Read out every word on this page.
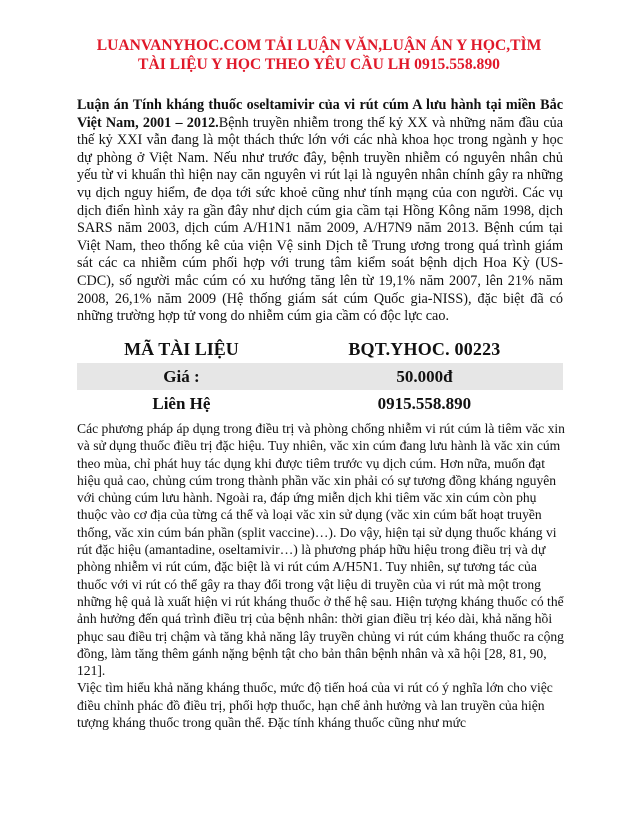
LUANVANYHOC.COM TẢI LUẬN VĂN,LUẬN ÁN Y HỌC,TÌM
TÀI LIỆU Y HỌC THEO YÊU CẦU LH 0915.558.890
Luận án Tính kháng thuốc oseltamivir của vi rút cúm A lưu hành tại miền Bắc Việt Nam, 2001 – 2012.Bệnh truyền nhiễm trong thế kỷ XX và những năm đầu của thế kỷ XXI vẫn đang là một thách thức lớn với các nhà khoa học trong ngành y học dự phòng ở Việt Nam. Nếu như trước đây, bệnh truyền nhiễm có nguyên nhân chủ yếu từ vi khuẩn thì hiện nay căn nguyên vi rút lại là nguyên nhân chính gây ra những vụ dịch nguy hiểm, đe dọa tới sức khoẻ cũng như tính mạng của con người. Các vụ dịch điển hình xảy ra gần đây như dịch cúm gia cầm tại Hồng Kông năm 1998, dịch SARS năm 2003, dịch cúm A/H1N1 năm 2009, A/H7N9 năm 2013. Bệnh cúm tại Việt Nam, theo thống kê của viện Vệ sinh Dịch tễ Trung ương trong quá trình giám sát các ca nhiễm cúm phối hợp với trung tâm kiểm soát bệnh dịch Hoa Kỳ (US-CDC), số người mắc cúm có xu hướng tăng lên từ 19,1% năm 2007, lên 21% năm 2008, 26,1% năm 2009 (Hệ thống giám sát cúm Quốc gia-NISS), đặc biệt đã có những trường hợp tử vong do nhiễm cúm gia cầm có độc lực cao.
MÃ TÀI LIỆU	BQT.YHOC. 00223
Giá :	50.000đ
Liên Hệ	0915.558.890

Các phương pháp áp dụng trong điều trị và phòng chống nhiễm vi rút cúm là tiêm văc xin và sử dụng thuốc điều trị đặc hiệu. Tuy nhiên, văc xin cúm đang lưu hành là văc xin cúm theo mùa, chỉ phát huy tác dụng khi được tiêm trước vụ dịch cúm. Hơn nữa, muốn đạt hiệu quả cao, chủng cúm trong thành phần văc xin phải có sự tương đồng kháng nguyên với chủng cúm lưu hành. Ngoài ra, đáp ứng miễn dịch khi tiêm văc xin cúm còn phụ thuộc vào cơ địa của từng cá thể và loại văc xin sử dụng (văc xin cúm bất hoạt truyền thống, văc xin cúm bán phần (split vaccine)…). Do vậy, hiện tại sử dụng thuốc kháng vi rút đặc hiệu (amantadine, oseltamivir…) là phương pháp hữu hiệu trong điều trị và dự phòng nhiễm vi rút cúm, đặc biệt là vi rút cúm A/H5N1. Tuy nhiên, sự tương tác của thuốc với vi rút có thể gây ra thay đổi trong vật liệu di truyền của vi rút mà một trong những hệ quả là xuất hiện vi rút kháng thuốc ở thế hệ sau. Hiện tượng kháng thuốc có thể ảnh hưởng đến quá trình điều trị của bệnh nhân: thời gian điều trị kéo dài, khả năng hồi phục sau điều trị chậm và tăng khả năng lây truyền chủng vi rút cúm kháng thuốc ra cộng đồng, làm tăng thêm gánh nặng bệnh tật cho bản thân bệnh nhân và xã hội [28, 81, 90, 121].

Việc tìm hiểu khả năng kháng thuốc, mức độ tiến hoá của vi rút có ý nghĩa lớn cho việc điều chỉnh phác đồ điều trị, phối hợp thuốc, hạn chế ảnh hưởng và lan truyền của hiện tượng kháng thuốc trong quần thể. Đặc tính kháng thuốc cũng như mức
